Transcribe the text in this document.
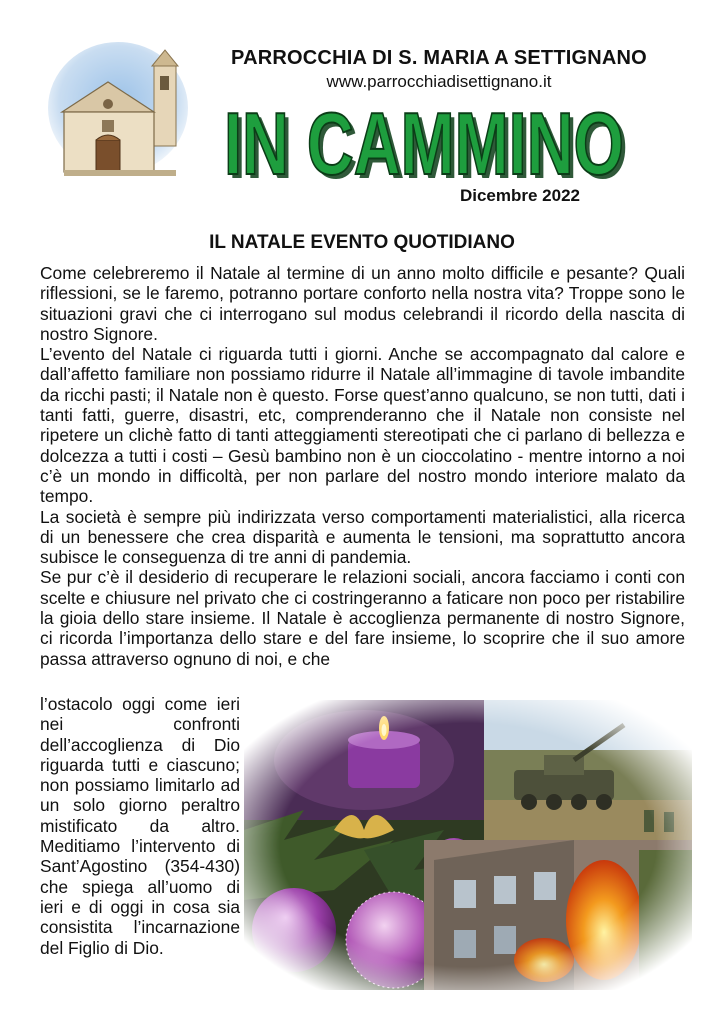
PARROCCHIA DI S. MARIA A SETTIGNANO
www.parrocchiadisettignano.it
IN CAMMINO
IN CAMMINO
Dicembre 2022
IL NATALE EVENTO QUOTIDIANO

Come celebreremo il Natale al termine di un anno molto difficile e pesante? Quali riflessioni, se le faremo, potranno portare conforto nella nostra vita? Troppe sono le situazioni gravi che ci interrogano sul modus celebrandi il ricordo della nascita di nostro Signore.

L’evento del Natale ci riguarda tutti i giorni. Anche se accompagnato dal calore e dall’affetto familiare non possiamo ridurre il Natale all’immagine di tavole imbandite da ricchi pasti; il Natale non è questo. Forse quest’anno qualcuno, se non tutti, dati i tanti fatti, guerre, disastri, etc, comprenderanno che il Natale non consiste nel ripetere un clichè fatto di tanti atteggiamenti stereotipati che ci parlano di bellezza e dolcezza a tutti i costi – Gesù bambino non è un cioccolatino - mentre intorno a noi c’è un mondo in difficoltà, per non parlare del nostro mondo interiore malato da tempo.

La società è sempre più indirizzata verso comportamenti materialistici, alla ricerca di un benessere che crea disparità e aumenta le tensioni, ma soprattutto ancora subisce le conseguenza di tre anni di pandemia.

Se pur c’è il desiderio di recuperare le relazioni sociali, ancora facciamo i conti con scelte e chiusure nel privato che ci costringeranno a faticare non poco per ristabilire la gioia dello stare insieme. Il Natale è accoglienza permanente di nostro Signore, ci ricorda l’importanza dello stare e del fare insieme, lo scoprire che il suo amore passa attraverso ognuno di noi, e che

l’ostacolo oggi come ieri nei confronti dell’accoglienza di Dio riguarda tutti e ciascuno; non possiamo limitarlo ad un solo giorno peraltro mistificato da altro. Meditiamo l’intervento di Sant’Agostino (354-430) che spiega all’uomo di ieri e di oggi in cosa sia consistita l’incarnazione del Figlio di Dio.
